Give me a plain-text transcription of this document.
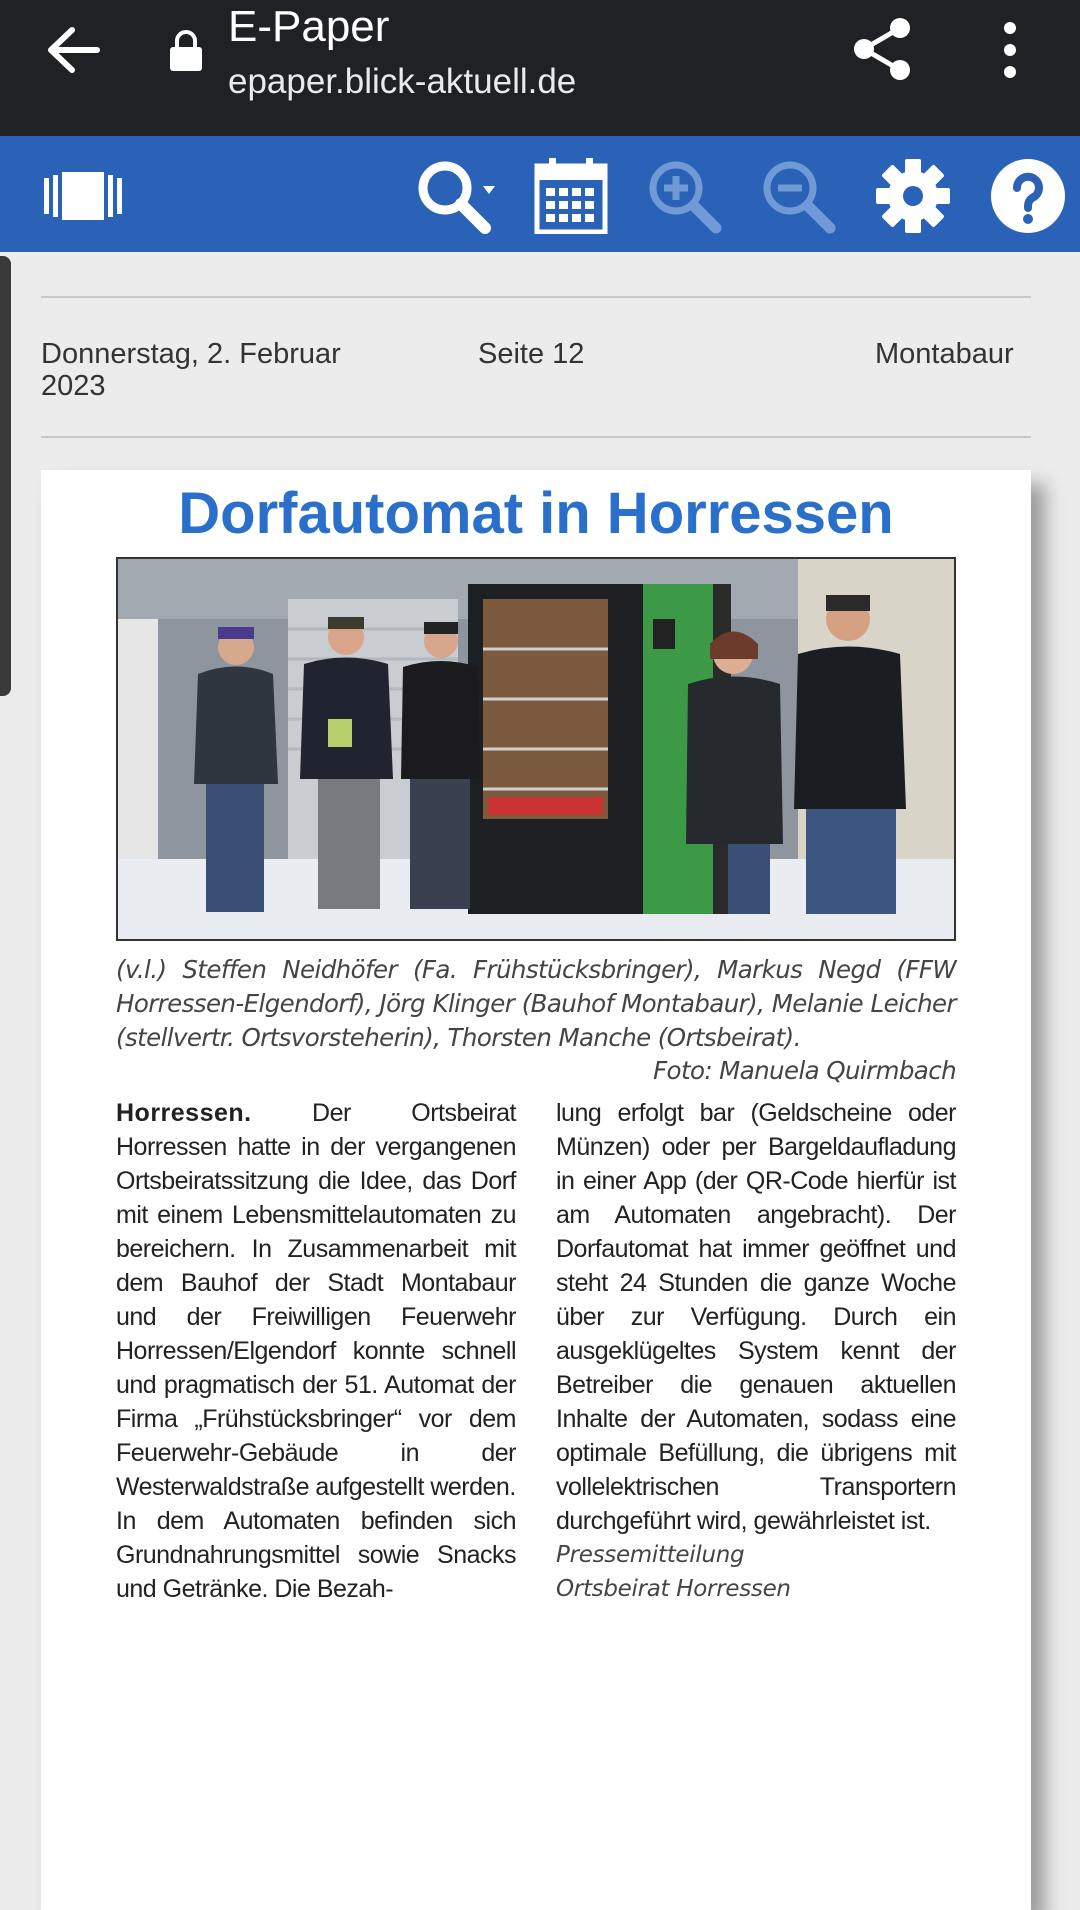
E-Paper
epaper.blick-aktuell.de
Donnerstag, 2. Februar 2023
Seite 12	Montabaur
Dorfautomat in Horressen
(v.l.) Steffen Neidhöfer (Fa. Frühstücksbringer), Markus Negd (FFW Horressen-Elgendorf), Jörg Klinger (Bauhof Montabaur), Melanie Leicher (stellvertr. Ortsvorsteherin), Thorsten Manche (Ortsbeirat).
Foto: Manuela Quirmbach

Horressen. Der Ortsbeirat Horressen hatte in der vergangenen Ortsbeiratssitzung die Idee, das Dorf mit einem Lebensmittelautomaten zu bereichern. In Zusammenarbeit mit dem Bauhof der Stadt Montabaur und der Freiwilligen Feuerwehr Horressen/Elgendorf konnte schnell und pragmatisch der 51. Automat der Firma „Frühstücksbringer“ vor dem Feuerwehr-Gebäude in der Westerwaldstraße aufgestellt werden.

In dem Automaten befinden sich Grundnahrungsmittel sowie Snacks und Getränke. Die Bezah-

lung erfolgt bar (Geldscheine oder Münzen) oder per Bargeldaufladung in einer App (der QR-Code hierfür ist am Automaten angebracht). Der Dorfautomat hat immer geöffnet und steht 24 Stunden die ganze Woche über zur Verfügung. Durch ein ausgeklügeltes System kennt der Betreiber die genauen aktuellen Inhalte der Automaten, sodass eine optimale Befüllung, die übrigens mit vollelektrischen Transportern durchgeführt wird, gewährleistet ist.

Pressemitteilung

Ortsbeirat Horressen
